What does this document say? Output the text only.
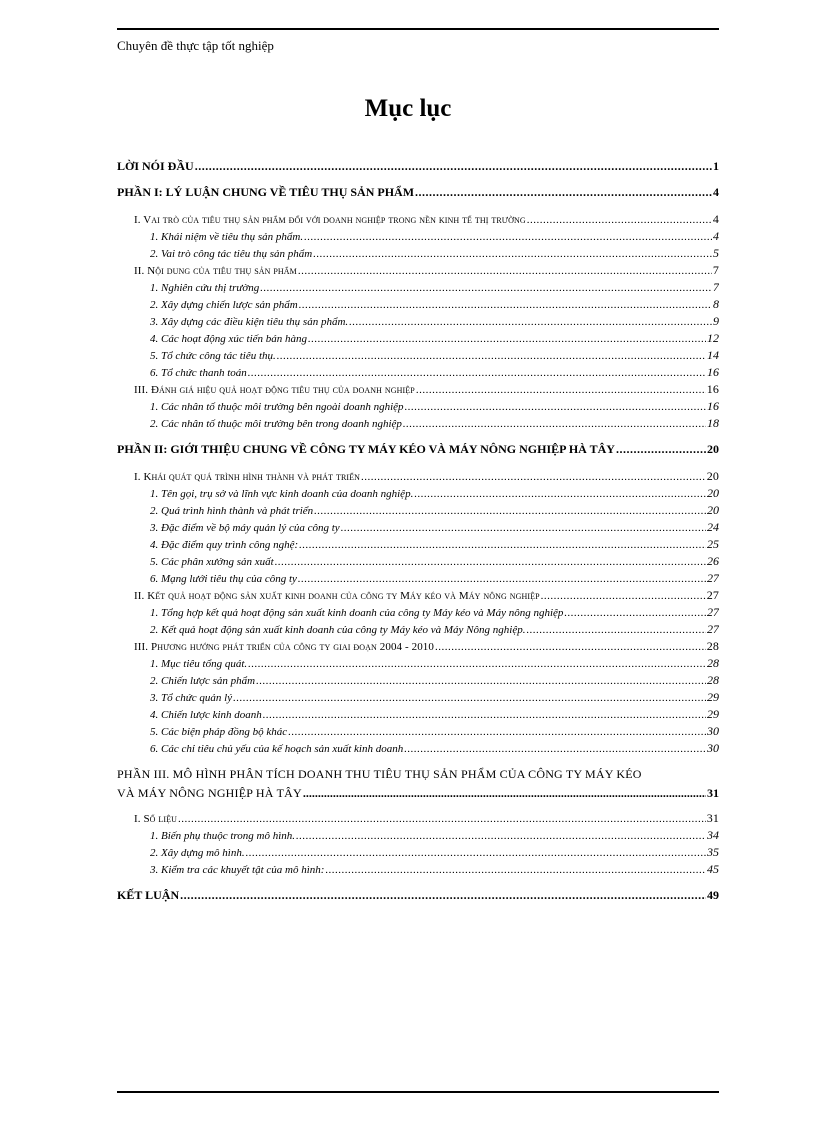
Chuyên đề thực tập tốt nghiệp
Mục lục
LỜI NÓI ĐẦU .....	1
PHẦN I: LÝ LUẬN CHUNG VỀ TIÊU THỤ SẢN PHẨM .....	4
I. Vai trò của tiêu thụ sản phẩm đối với doanh nghiệp trong nền kinh tế thị trường .....	4
1. Khái niệm về tiêu thụ sản phẩm. .....	4
2. Vai trò công tác tiêu thụ sản phẩm .....	5
II. Nội dung của tiêu thụ sản phẩm .....	7
1. Nghiên cứu thị trường .....	7
2. Xây dựng chiến lược sản phẩm .....	8
3. Xây dựng các điều kiện tiêu thụ sản phẩm. .....	9
4. Các hoạt động xúc tiến bán hàng .....	12
5. Tổ chức công tác tiêu thụ. .....	14
6. Tổ chức thanh toán .....	16
III. Đánh giá hiệu quả hoạt động tiêu thụ của doanh nghiệp .....	16
1. Các nhân tố thuộc môi trường bên ngoài doanh nghiệp .....	16
2. Các nhân tố thuộc môi trường bên trong doanh nghiệp .....	18
PHẦN II: GIỚI THIỆU CHUNG VỀ CÔNG TY MÁY KÉO VÀ MÁY NÔNG NGHIỆP HÀ TÂY .....	20
I. Khái quát quá trình hình thành và phát triển .....	20
1. Tên gọi, trụ sở và lĩnh vực kinh doanh của doanh nghiệp. .....	20
2. Quá trình hình thành và phát triển .....	20
3. Đặc điểm về bộ máy quản lý của công ty .....	24
4. Đặc điểm quy trình công nghệ: .....	25
5. Các phân xưởng sản xuất .....	26
6. Mạng lưới tiêu thụ của công ty .....	27
II. Kết quả hoạt động sản xuất kinh doanh của công ty Máy kéo và Máy nông nghiệp .....	27
1. Tổng hợp kết quả hoạt động sản xuất kinh doanh của công ty Máy kéo và Máy nông nghiệp .....	27
2. Kết quả hoạt động sản xuất kinh doanh của công ty Máy kéo và Máy Nông nghiệp. .....	27
III. Phương hướng phát triển của công ty giai đoạn 2004 - 2010 .....	28
1. Mục tiêu tổng quát. .....	28
2. Chiến lược sản phẩm .....	28
3. Tổ chức quản lý .....	29
4. Chiến lược kinh doanh .....	29
5. Các biện pháp đồng bộ khác .....	30
6. Các chỉ tiêu chủ yếu của kế hoạch sản xuất kinh doanh .....	30
PHẦN III. MÔ HÌNH PHÂN TÍCH DOANH THU TIÊU THỤ SẢN PHẨM CỦA CÔNG TY MÁY KÉO
VÀ MÁY NÔNG NGHIỆP HÀ TÂY .....	31
I. Số liệu .....	31
1. Biến phụ thuộc trong mô hình. .....	34
2. Xây dựng mô hình. .....	35
3. Kiểm tra các khuyết tật của mô hình: .....	45
KẾT LUẬN .....	49
